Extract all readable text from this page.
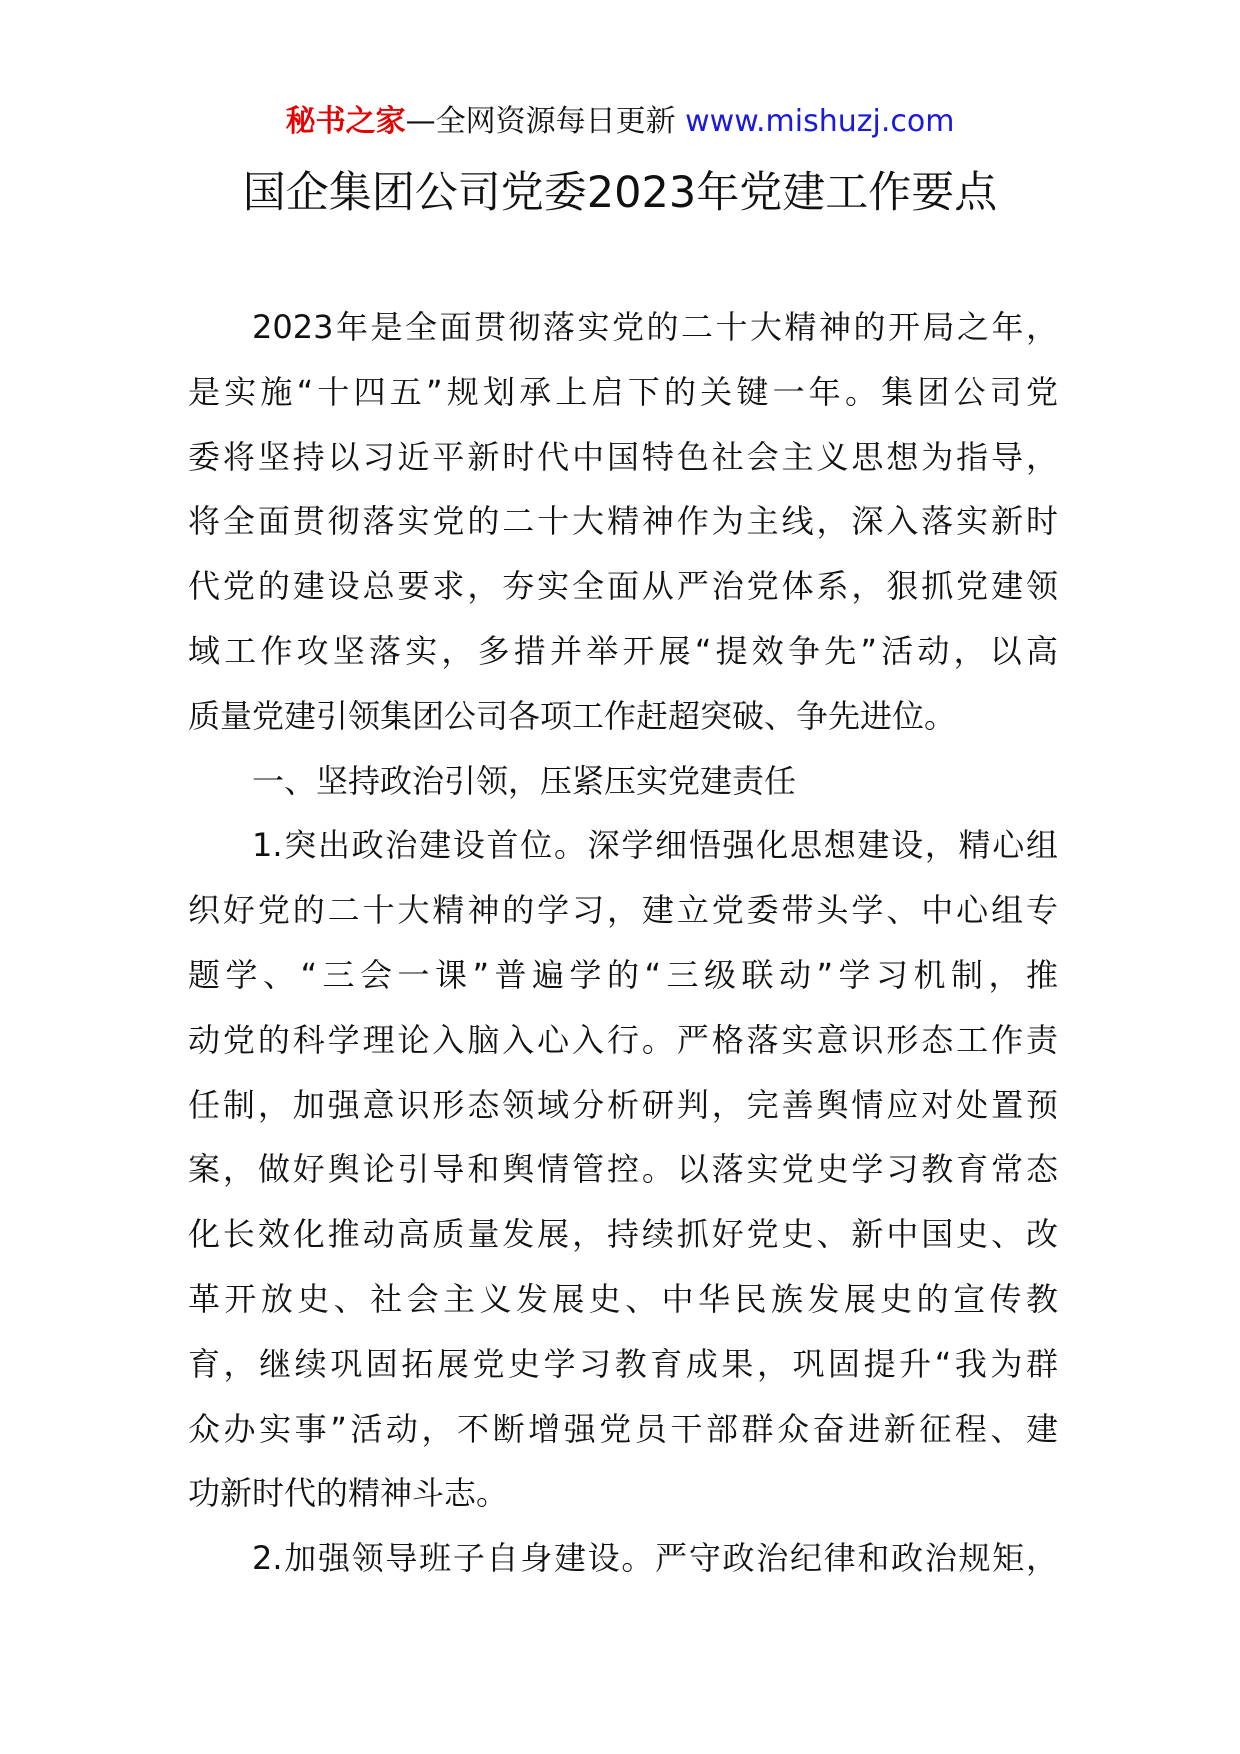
秘书之家—全网资源每日更新 www.mishuzj.com
国企集团公司党委2023年党建工作要点
2023年是全面贯彻落实党的二十大精神的开局之年，
是实施“十四五”规划承上启下的关键一年。集团公司党
委将坚持以习近平新时代中国特色社会主义思想为指导，
将全面贯彻落实党的二十大精神作为主线，深入落实新时
代党的建设总要求，夯实全面从严治党体系，狠抓党建领
域工作攻坚落实，多措并举开展“提效争先”活动，以高
质量党建引领集团公司各项工作赶超突破、争先进位。
一、坚持政治引领，压紧压实党建责任
1.突出政治建设首位。深学细悟强化思想建设，精心组
织好党的二十大精神的学习，建立党委带头学、中心组专
题学、“三会一课”普遍学的“三级联动”学习机制，推
动党的科学理论入脑入心入行。严格落实意识形态工作责
任制，加强意识形态领域分析研判，完善舆情应对处置预
案，做好舆论引导和舆情管控。以落实党史学习教育常态
化长效化推动高质量发展，持续抓好党史、新中国史、改
革开放史、社会主义发展史、中华民族发展史的宣传教
育，继续巩固拓展党史学习教育成果，巩固提升“我为群
众办实事”活动，不断增强党员干部群众奋进新征程、建
功新时代的精神斗志。
2.加强领导班子自身建设。严守政治纪律和政治规矩，
